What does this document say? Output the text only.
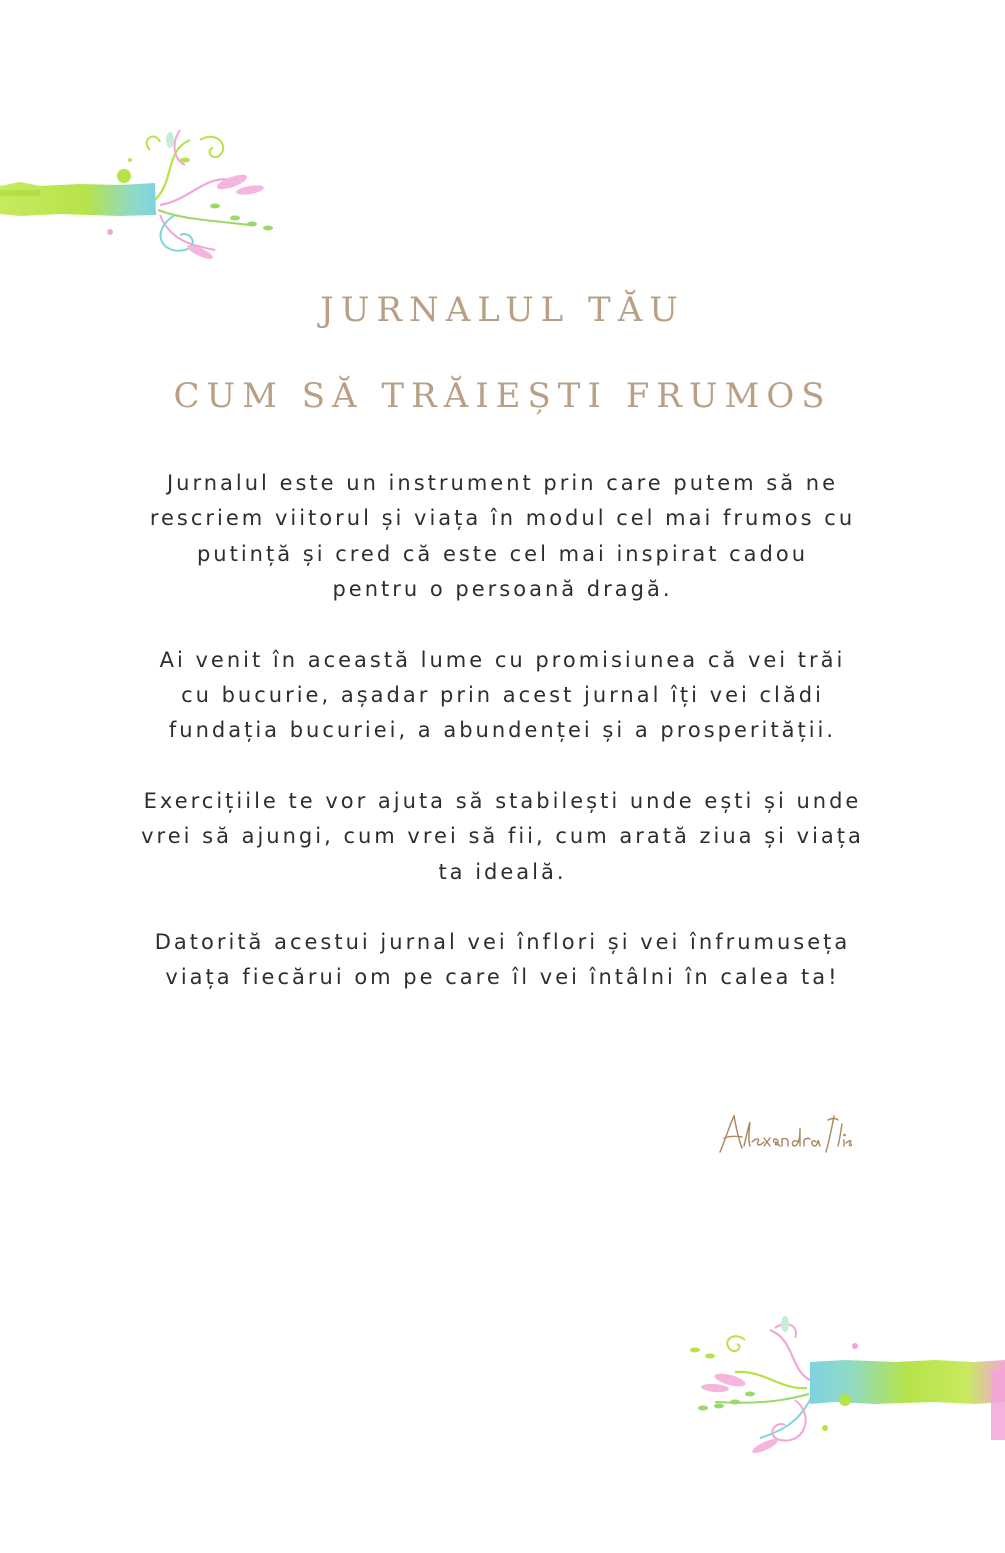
JURNALUL TĂU
CUM SĂ TRĂIEȘTI FRUMOS

Jurnalul este un instrument prin care putem să ne
rescriem viitorul și viața în modul cel mai frumos cu
putință și cred că este cel mai inspirat cadou
pentru o persoană dragă.

Ai venit în această lume cu promisiunea că vei trăi
cu bucurie, așadar prin acest jurnal îți vei clădi
fundația bucuriei, a abundenței și a prosperității.

Exercițiile te vor ajuta să stabilești unde ești și unde
vrei să ajungi, cum vrei să fii, cum arată ziua și viața
ta ideală.

Datorită acestui jurnal vei înflori și vei înfrumuseța
viața fiecărui om pe care îl vei întâlni în calea ta!
